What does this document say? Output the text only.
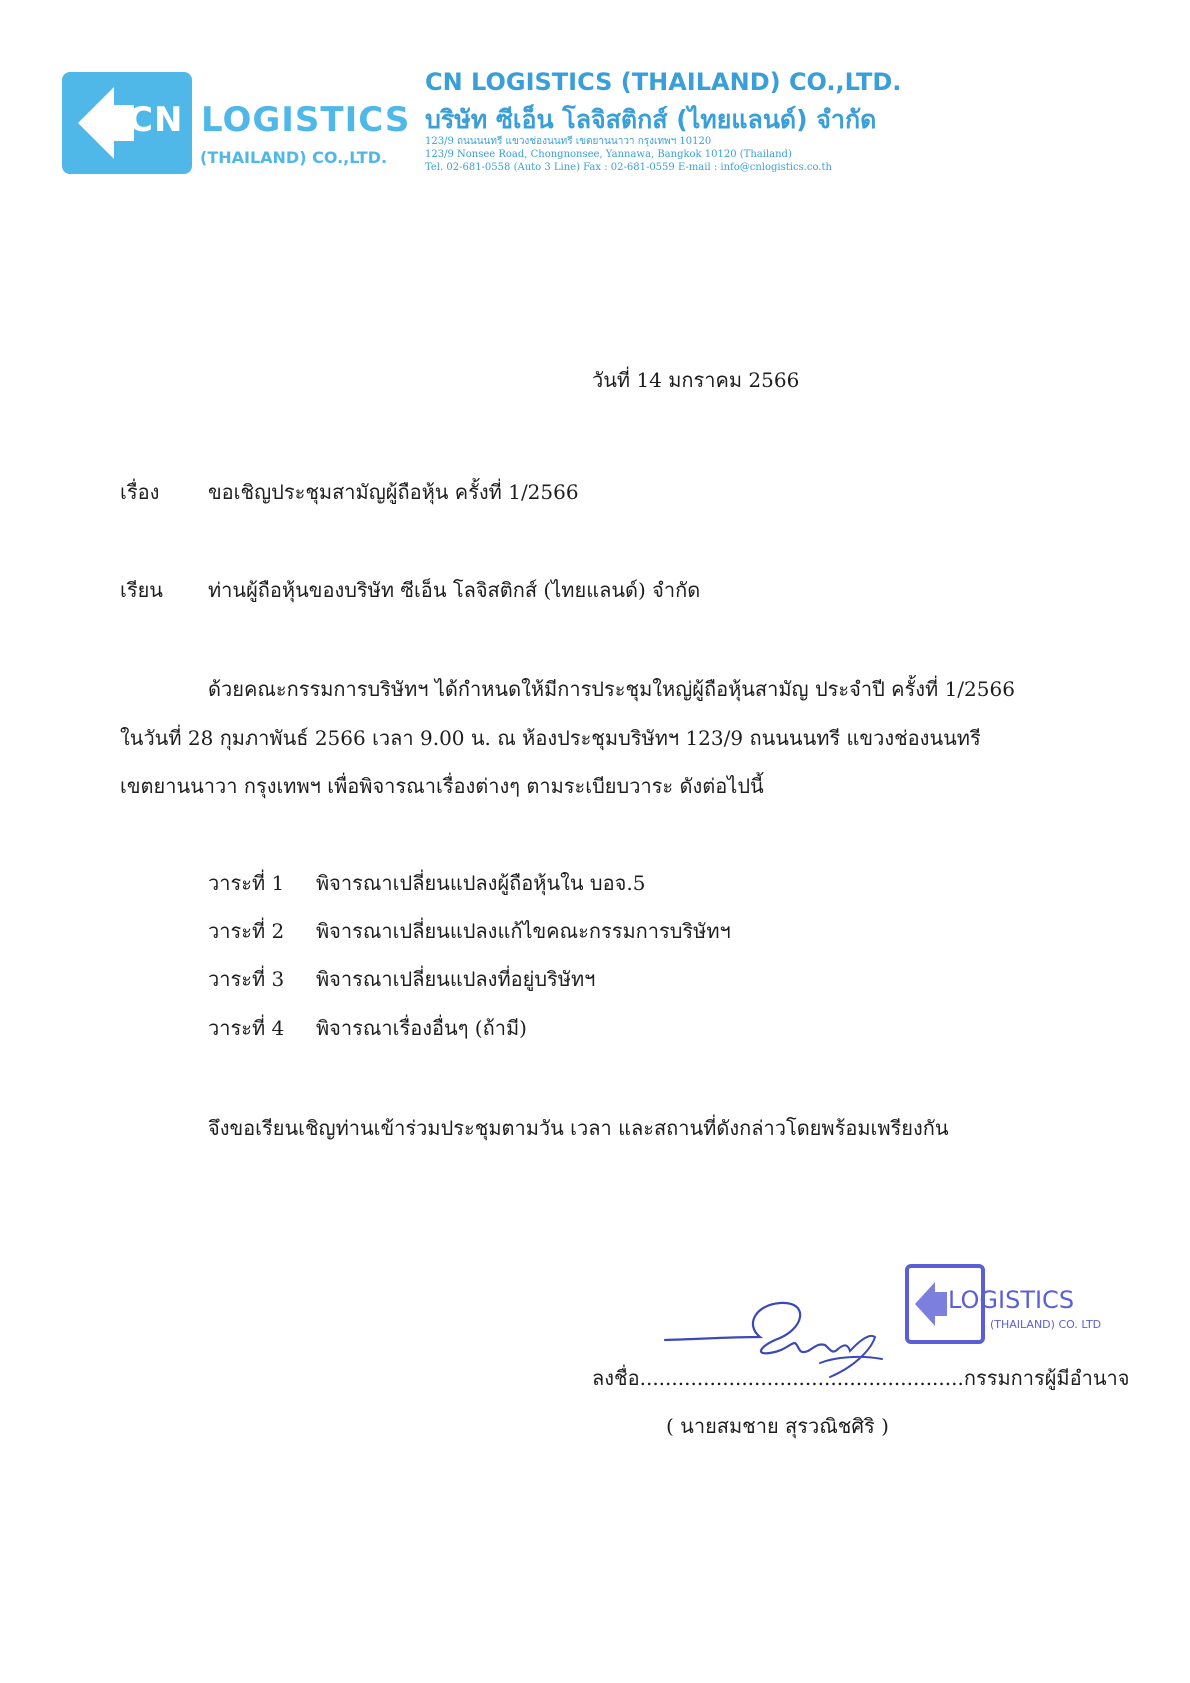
CN LOGISTICS
(THAILAND) CO.,LTD.
CN LOGISTICS (THAILAND) CO.,LTD.
บริษัท ซีเอ็น โลจิสติกส์ (ไทยแลนด์) จำกัด
123/9 ถนนนนทรี แขวงช่องนนทรี เขตยานนาวา กรุงเทพฯ 10120
123/9 Nonsee Road, Chongnonsee, Yannawa, Bangkok 10120 (Thailand)
Tel. 02-681-0558 (Auto 3 Line) Fax : 02-681-0559 E-mail : info@cnlogistics.co.th
วันที่ 14 มกราคม 2566
เรื่อง ขอเชิญประชุมสามัญผู้ถือหุ้น ครั้งที่ 1/2566
เรียน ท่านผู้ถือหุ้นของบริษัท ซีเอ็น โลจิสติกส์ (ไทยแลนด์) จำกัด
ด้วยคณะกรรมการบริษัทฯ ได้กำหนดให้มีการประชุมใหญ่ผู้ถือหุ้นสามัญ ประจำปี ครั้งที่ 1/2566
ในวันที่ 28 กุมภาพันธ์ 2566 เวลา 9.00 น. ณ ห้องประชุมบริษัทฯ 123/9 ถนนนนทรี แขวงช่องนนทรี
เขตยานนาวา กรุงเทพฯ เพื่อพิจารณาเรื่องต่างๆ ตามระเบียบวาระ ดังต่อไปนี้
วาระที่ 1 พิจารณาเปลี่ยนแปลงผู้ถือหุ้นใน บอจ.5
วาระที่ 2 พิจารณาเปลี่ยนแปลงแก้ไขคณะกรรมการบริษัทฯ
วาระที่ 3 พิจารณาเปลี่ยนแปลงที่อยู่บริษัทฯ
วาระที่ 4 พิจารณาเรื่องอื่นๆ (ถ้ามี)
จึงขอเรียนเชิญท่านเข้าร่วมประชุมตามวัน เวลา และสถานที่ดังกล่าวโดยพร้อมเพรียงกัน
LOGISTICS
(THAILAND) CO. LTD
ลงชื่อ...................................................กรรมการผู้มีอำนาจ
( นายสมชาย สุรวณิชศิริ )
